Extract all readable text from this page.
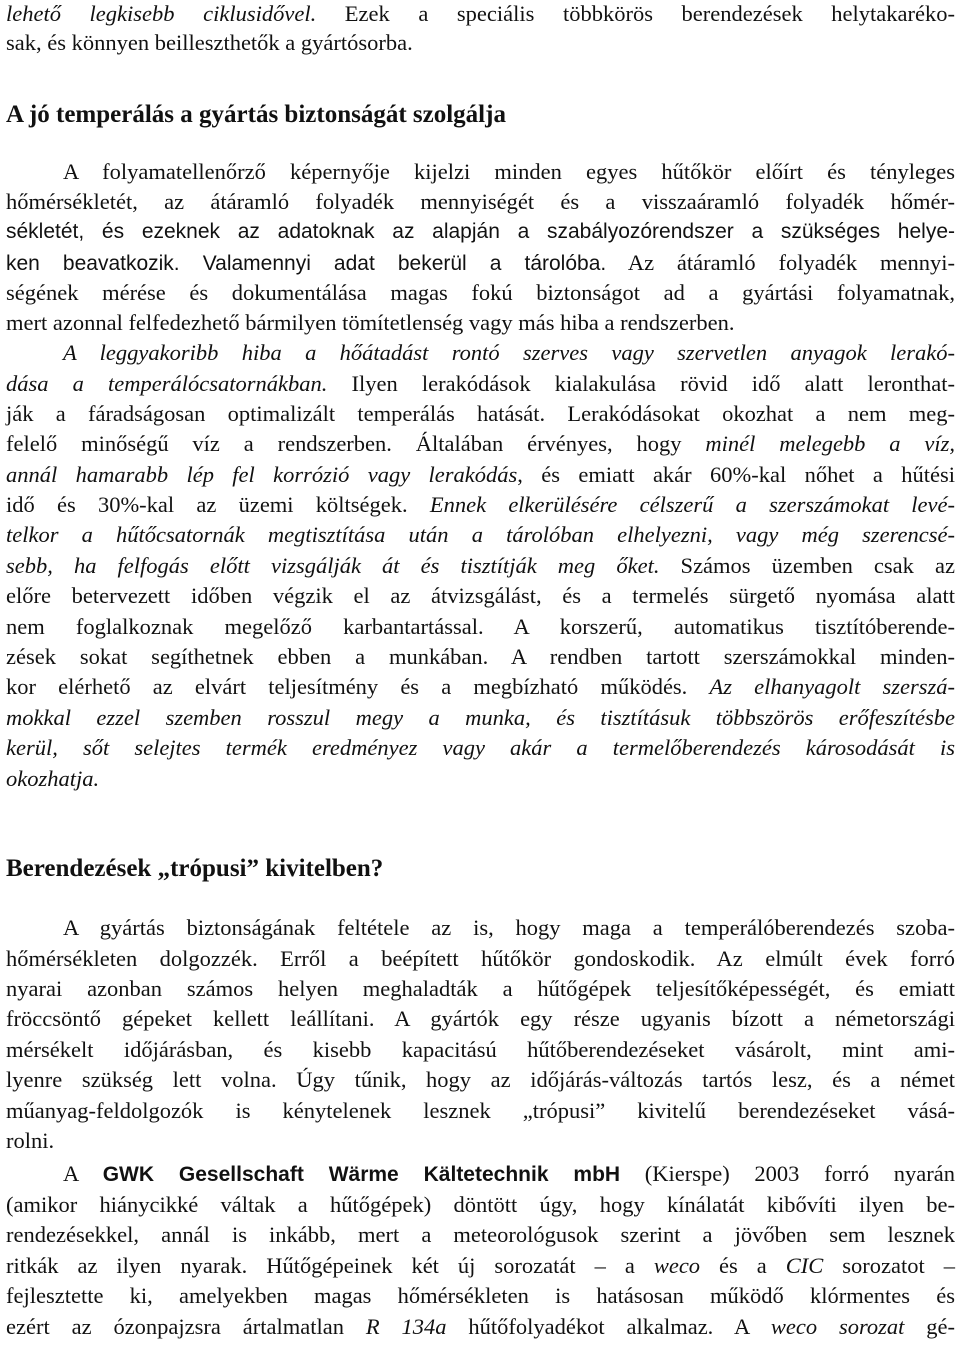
lehető legkisebb ciklusidővel. Ezek a speciális többkörös berendezések helytakaréko-
sak, és könnyen beilleszthetők a gyártósorba.
A jó temperálás a gyártás biztonságát szolgálja
A folyamatellenőrző képernyője kijelzi minden egyes hűtőkör előírt és tényleges
hőmérsékletét, az átáramló folyadék mennyiségét és a visszaáramló folyadék hőmér-
sékletét, és ezeknek az adatoknak az alapján a szabályozórendszer a szükséges helye-
ken beavatkozik. Valamennyi adat bekerül a tárolóba. Az átáramló folyadék mennyi-
ségének mérése és dokumentálása magas fokú biztonságot ad a gyártási folyamatnak,
mert azonnal felfedezhető bármilyen tömítetlenség vagy más hiba a rendszerben.
A leggyakoribb hiba a hőátadást rontó szerves vagy szervetlen anyagok lerakó-
dása a temperálócsatornákban. Ilyen lerakódások kialakulása rövid idő alatt leronthat-
ják a fáradságosan optimalizált temperálás hatását. Lerakódásokat okozhat a nem meg-
felelő minőségű víz a rendszerben. Általában érvényes, hogy minél melegebb a víz,
annál hamarabb lép fel korrózió vagy lerakódás, és emiatt akár 60%-kal nőhet a hűtési
idő és 30%-kal az üzemi költségek. Ennek elkerülésére célszerű a szerszámokat levé-
telkor a hűtőcsatornák megtisztítása után a tárolóban elhelyezni, vagy még szerencsé-
sebb, ha felfogás előtt vizsgálják át és tisztítják meg őket. Számos üzemben csak az
előre betervezett időben végzik el az átvizsgálást, és a termelés sürgető nyomása alatt
nem foglalkoznak megelőző karbantartással. A korszerű, automatikus tisztítóberende-
zések sokat segíthetnek ebben a munkában. A rendben tartott szerszámokkal minden-
kor elérhető az elvárt teljesítmény és a megbízható működés. Az elhanyagolt szerszá-
mokkal ezzel szemben rosszul megy a munka, és tisztításuk többszörös erőfeszítésbe
kerül, sőt selejtes termék eredményez vagy akár a termelőberendezés károsodását is
okozhatja.
Berendezések „trópusi” kivitelben?
A gyártás biztonságának feltétele az is, hogy maga a temperálóberendezés szoba-
hőmérsékleten dolgozzék. Erről a beépített hűtőkör gondoskodik. Az elmúlt évek forró
nyarai azonban számos helyen meghaladták a hűtőgépek teljesítőképességét, és emiatt
fröccsöntő gépeket kellett leállítani. A gyártók egy része ugyanis bízott a németországi
mérsékelt időjárásban, és kisebb kapacitású hűtőberendezéseket vásárolt, mint ami-
lyenre szükség lett volna. Úgy tűnik, hogy az időjárás-változás tartós lesz, és a német
műanyag-feldolgozók is kénytelenek lesznek „trópusi” kivitelű berendezéseket vásá-
rolni.
A GWK Gesellschaft Wärme Kältetechnik mbH (Kierspe) 2003 forró nyarán
(amikor hiánycikké váltak a hűtőgépek) döntött úgy, hogy kínálatát kibővíti ilyen be-
rendezésekkel, annál is inkább, mert a meteorológusok szerint a jövőben sem lesznek
ritkák az ilyen nyarak. Hűtőgépeinek két új sorozatát – a weco és a CIC sorozatot –
fejlesztette ki, amelyekben magas hőmérsékleten is hatásosan működő klórmentes és
ezért az ózonpajzsra ártalmatlan R 134a hűtőfolyadékot alkalmaz. A weco sorozat gé-
